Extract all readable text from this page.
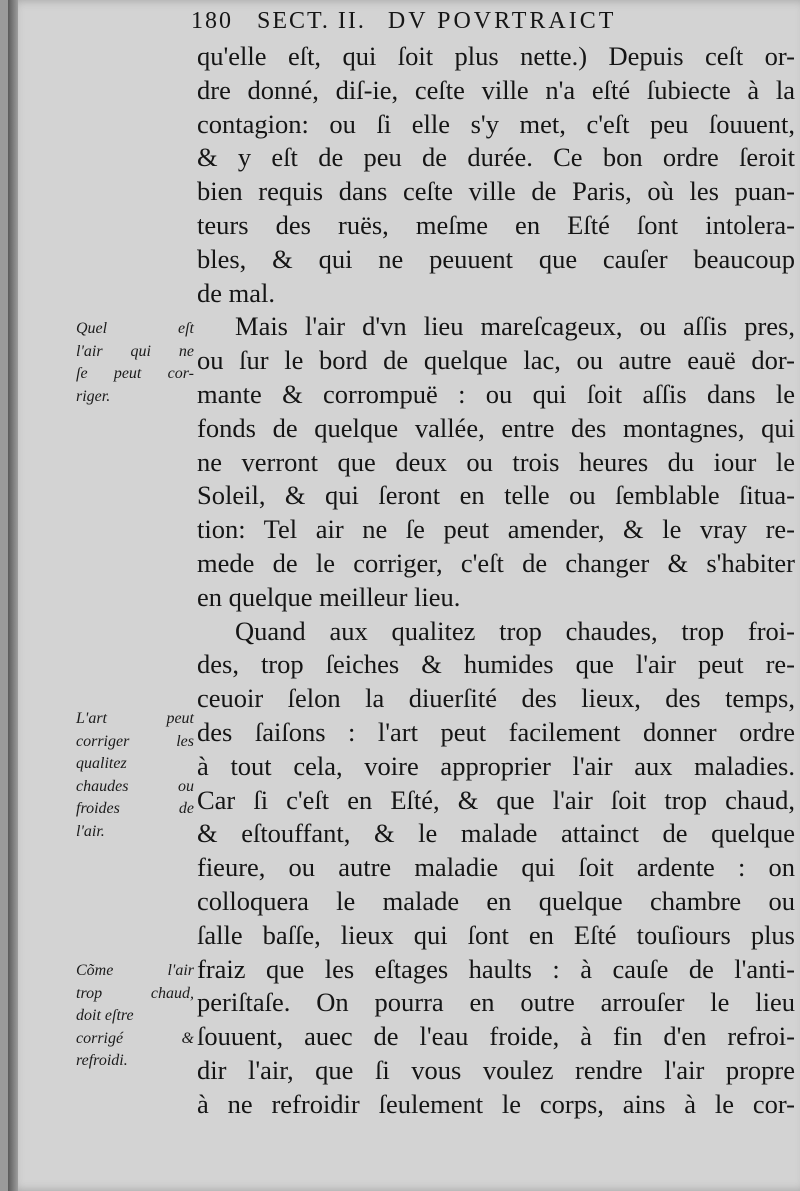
180 SECT. II. DV POVRTRAICT
qu'elle eſt, qui ſoit plus nette.) Depuis ceſt or-
dre donné, diſ-ie, ceſte ville n'a eſté ſubiecte à la
contagion: ou ſi elle s'y met, c'eſt peu ſouuent,
& y eſt de peu de durée. Ce bon ordre ſeroit
bien requis dans ceſte ville de Paris, où les puan-
teurs des ruës, meſme en Eſté ſont intolera-
bles, & qui ne peuuent que cauſer beaucoup
de mal.
Mais l'air d'vn lieu mareſcageux, ou aſſis pres,
ou ſur le bord de quelque lac, ou autre eauë dor-
mante & corrompuë : ou qui ſoit aſſis dans le
fonds de quelque vallée, entre des montagnes, qui
ne verront que deux ou trois heures du iour le
Soleil, & qui ſeront en telle ou ſemblable ſitua-
tion: Tel air ne ſe peut amender, & le vray re-
mede de le corriger, c'eſt de changer & s'habiter
en quelque meilleur lieu.
Quand aux qualitez trop chaudes, trop froi-
des, trop ſeiches & humides que l'air peut re-
ceuoir ſelon la diuerſité des lieux, des temps,
des ſaiſons : l'art peut facilement donner ordre
à tout cela, voire approprier l'air aux maladies.
Car ſi c'eſt en Eſté, & que l'air ſoit trop chaud,
& eſtouffant, & le malade attainct de quelque
fieure, ou autre maladie qui ſoit ardente : on
colloquera le malade en quelque chambre ou
ſalle baſſe, lieux qui ſont en Eſté touſiours plus
fraiz que les eſtages haults : à cauſe de l'anti-
periſtaſe. On pourra en outre arrouſer le lieu
ſouuent, auec de l'eau froide, à fin d'en refroi-
dir l'air, que ſi vous voulez rendre l'air propre
à ne refroidir ſeulement le corps, ains à le cor-
Quel eſt
l'air qui ne
ſe peut cor-
riger.
L'art peut
corriger les
qualitez
chaudes ou
froides de
l'air.
Cõme l'air
trop chaud,
doit eſtre
corrigé &
refroidi.
